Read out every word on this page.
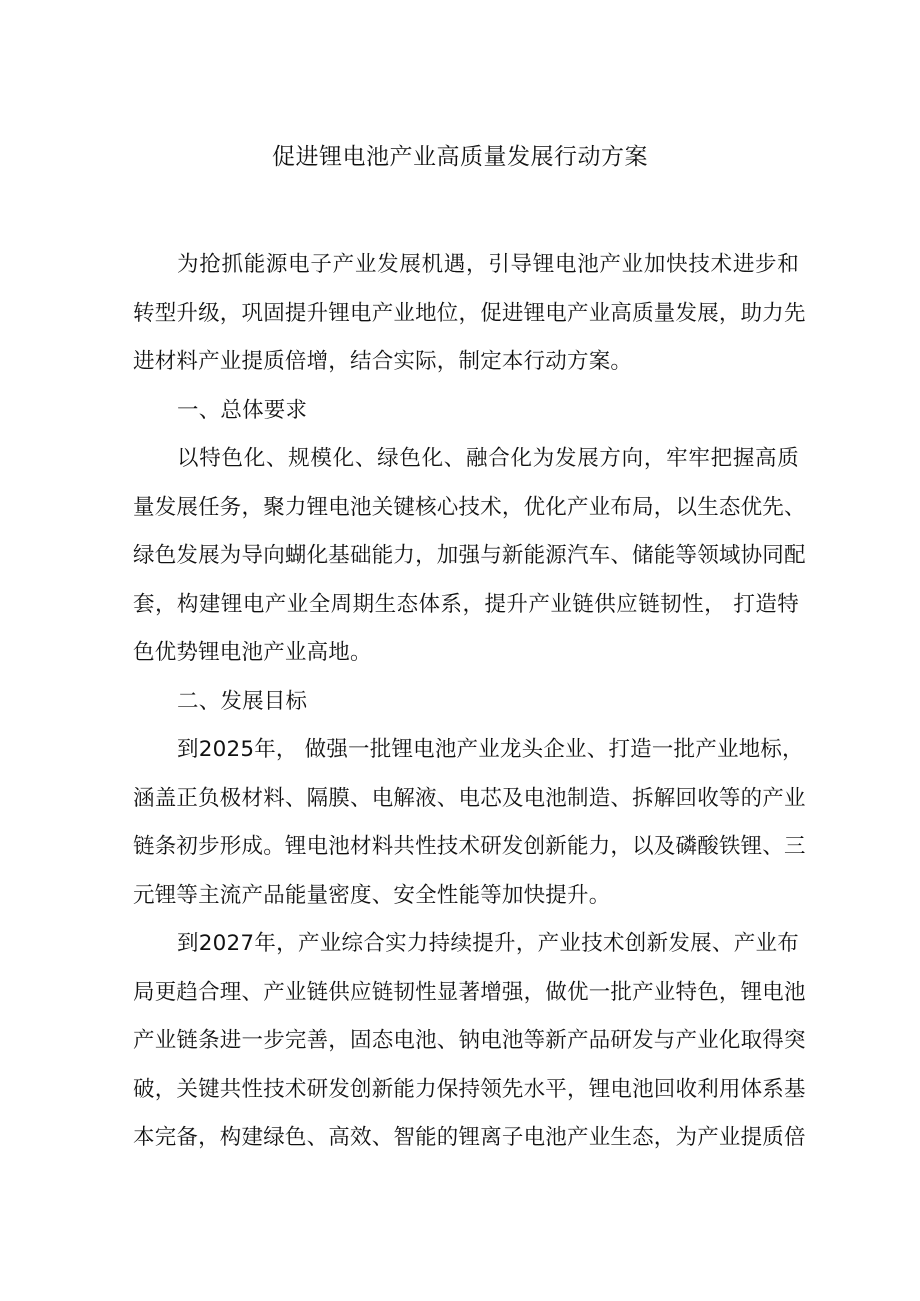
促进锂电池产业高质量发展行动方案
为抢抓能源电子产业发展机遇，引导锂电池产业加快技术进步和
转型升级，巩固提升锂电产业地位，促进锂电产业高质量发展，助力先
进材料产业提质倍增，结合实际，制定本行动方案。
一、总体要求
以特色化、规模化、绿色化、融合化为发展方向，牢牢把握高质
量发展任务，聚力锂电池关键核心技术，优化产业布局，以生态优先、
绿色发展为导向蝴化基础能力，加强与新能源汽车、储能等领域协同配
套，构建锂电产业全周期生态体系，提升产业链供应链韧性， 打造特
色优势锂电池产业高地。
二、发展目标
到2025年， 做强一批锂电池产业龙头企业、打造一批产业地标，
涵盖正负极材料、隔膜、电解液、电芯及电池制造、拆解回收等的产业
链条初步形成。锂电池材料共性技术研发创新能力，以及磷酸铁锂、三
元锂等主流产品能量密度、安全性能等加快提升。
到2027年，产业综合实力持续提升，产业技术创新发展、产业布
局更趋合理、产业链供应链韧性显著增强，做优一批产业特色，锂电池
产业链条进一步完善，固态电池、钠电池等新产品研发与产业化取得突
破，关键共性技术研发创新能力保持领先水平，锂电池回收利用体系基
本完备，构建绿色、高效、智能的锂离子电池产业生态，为产业提质倍
